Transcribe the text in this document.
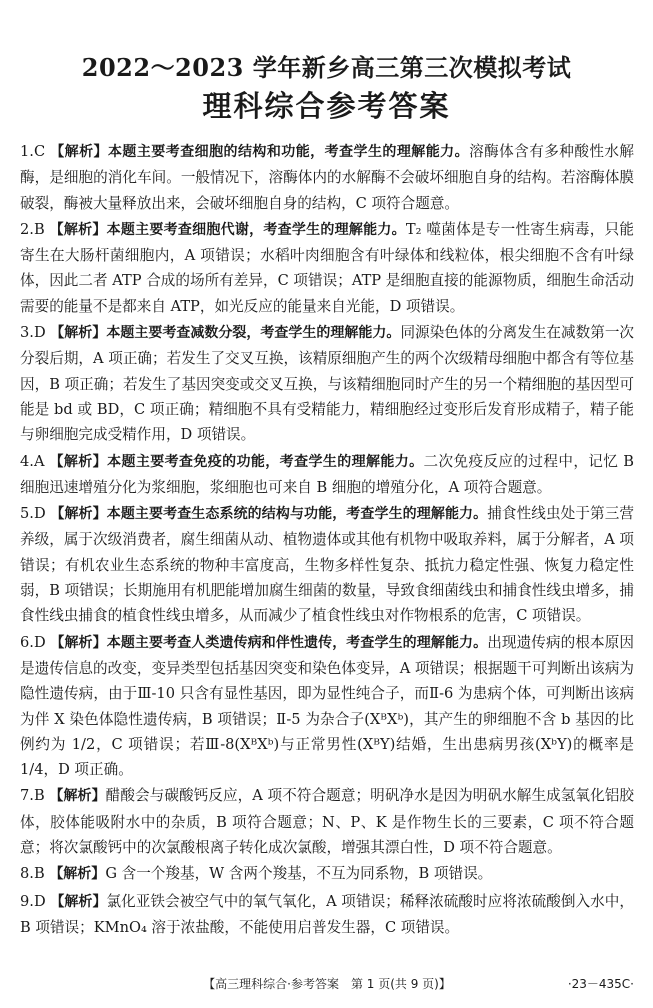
2022～2023 学年新乡高三第三次模拟考试
理科综合参考答案

1.C 【解析】本题主要考查细胞的结构和功能，考查学生的理解能力。溶酶体含有多种酸性水解酶，是细胞的消化车间。一般情况下，溶酶体内的水解酶不会破坏细胞自身的结构。若溶酶体膜破裂，酶被大量释放出来，会破坏细胞自身的结构，C 项符合题意。

2.B 【解析】本题主要考查细胞代谢，考查学生的理解能力。T₂ 噬菌体是专一性寄生病毒，只能寄生在大肠杆菌细胞内，A 项错误；水稻叶肉细胞含有叶绿体和线粒体，根尖细胞不含有叶绿体，因此二者 ATP 合成的场所有差异，C 项错误；ATP 是细胞直接的能源物质，细胞生命活动需要的能量不是都来自 ATP，如光反应的能量来自光能，D 项错误。

3.D 【解析】本题主要考查减数分裂，考查学生的理解能力。同源染色体的分离发生在减数第一次分裂后期，A 项正确；若发生了交叉互换，该精原细胞产生的两个次级精母细胞中都含有等位基因，B 项正确；若发生了基因突变或交叉互换，与该精细胞同时产生的另一个精细胞的基因型可能是 bd 或 BD，C 项正确；精细胞不具有受精能力，精细胞经过变形后发育形成精子，精子能与卵细胞完成受精作用，D 项错误。

4.A 【解析】本题主要考查免疫的功能，考查学生的理解能力。二次免疫反应的过程中，记忆 B 细胞迅速增殖分化为浆细胞，浆细胞也可来自 B 细胞的增殖分化，A 项符合题意。

5.D 【解析】本题主要考查生态系统的结构与功能，考查学生的理解能力。捕食性线虫处于第三营养级，属于次级消费者，腐生细菌从动、植物遗体或其他有机物中吸取养料，属于分解者，A 项错误；有机农业生态系统的物种丰富度高，生物多样性复杂、抵抗力稳定性强、恢复力稳定性弱，B 项错误；长期施用有机肥能增加腐生细菌的数量，导致食细菌线虫和捕食性线虫增多，捕食性线虫捕食的植食性线虫增多，从而减少了植食性线虫对作物根系的危害，C 项错误。

6.D 【解析】本题主要考查人类遗传病和伴性遗传，考查学生的理解能力。出现遗传病的根本原因是遗传信息的改变，变异类型包括基因突变和染色体变异，A 项错误；根据题干可判断出该病为隐性遗传病，由于Ⅲ-10 只含有显性基因，即为显性纯合子，而Ⅱ-6 为患病个体，可判断出该病为伴 X 染色体隐性遗传病，B 项错误；Ⅱ-5 为杂合子(XᴮXᵇ)，其产生的卵细胞不含 b 基因的比例约为 1/2，C 项错误；若Ⅲ-8(XᴮXᵇ)与正常男性(XᴮY)结婚，生出患病男孩(XᵇY)的概率是 1/4，D 项正确。

7.B 【解析】醋酸会与碳酸钙反应，A 项不符合题意；明矾净水是因为明矾水解生成氢氧化铝胶体，胶体能吸附水中的杂质，B 项符合题意；N、P、K 是作物生长的三要素，C 项不符合题意；将次氯酸钙中的次氯酸根离子转化成次氯酸，增强其漂白性，D 项不符合题意。

8.B 【解析】G 含一个羧基，W 含两个羧基，不互为同系物，B 项错误。

9.D 【解析】氯化亚铁会被空气中的氧气氧化，A 项错误；稀释浓硫酸时应将浓硫酸倒入水中，B 项错误；KMnO₄ 溶于浓盐酸，不能使用启普发生器，C 项错误。

【高三理科综合·参考答案　第 1 页(共 9 页)】	·23－435C·
